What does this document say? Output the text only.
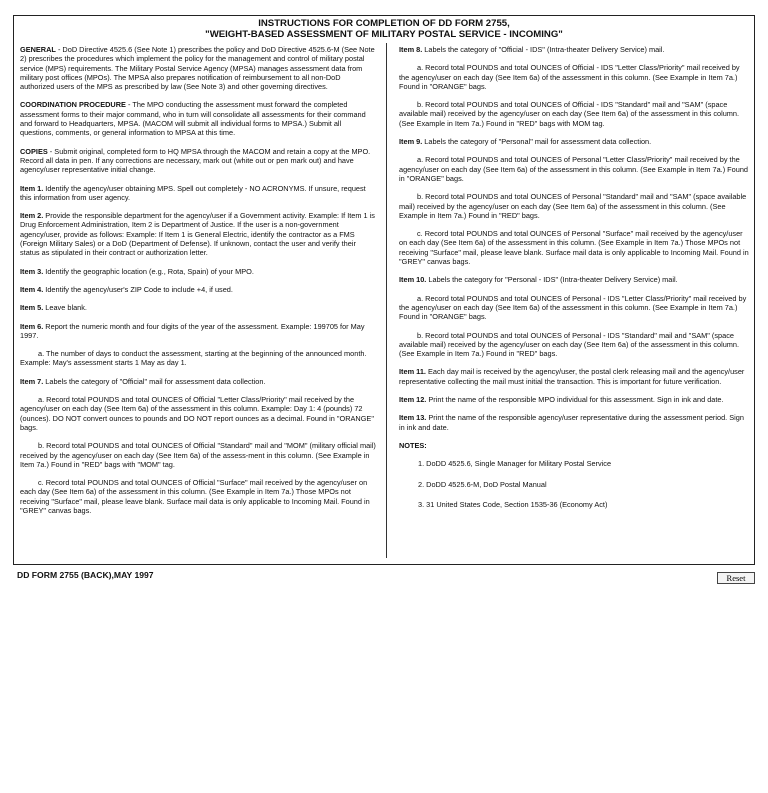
INSTRUCTIONS FOR COMPLETION OF DD FORM 2755,
"WEIGHT-BASED ASSESSMENT OF MILITARY POSTAL SERVICE - INCOMING"

GENERAL - DoD Directive 4525.6 (See Note 1) prescribes the policy and DoD Directive 4525.6-M (See Note 2) prescribes the procedures which implement the policy for the management and control of military postal service (MPS) requirements. The Military Postal Service Agency (MPSA) manages assessment data from military post offices (MPOs). The MPSA also prepares notification of reimbursement to all non-DoD authorized users of the MPS as prescribed by law (See Note 3) and other governing directives.

COORDINATION PROCEDURE - The MPO conducting the assessment must forward the completed assessment forms to their major command, who in turn will consolidate all assessments for their command and forward to Headquarters, MPSA. (MACOM will submit all individual forms to MPSA.) Submit all questions, comments, or general information to MPSA at this time.

COPIES - Submit original, completed form to HQ MPSA through the MACOM and retain a copy at the MPO. Record all data in pen. If any corrections are necessary, mark out (white out or pen mark out) and have agency/user representative initial change.

Item 1. Identify the agency/user obtaining MPS. Spell out completely - NO ACRONYMS. If unsure, request this information from user agency.

Item 2. Provide the responsible department for the agency/user if a Government activity. Example: If Item 1 is Drug Enforcement Administration, Item 2 is Department of Justice. If the user is a non-government agency/user, provide as follows: Example: If Item 1 is General Electric, identify the contractor as a FMS (Foreign Military Sales) or a DoD (Department of Defense). If unknown, contact the user and verify their status as stipulated in their contract or authorization letter.

Item 3. Identify the geographic location (e.g., Rota, Spain) of your MPO.

Item 4. Identify the agency/user's ZIP Code to include +4, if used.

Item 5. Leave blank.

Item 6. Report the numeric month and four digits of the year of the assessment. Example: 199705 for May 1997.

a. The number of days to conduct the assessment, starting at the beginning of the announced month. Example: May's assessment starts 1 May as day 1.

Item 7. Labels the category of "Official" mail for assessment data collection.

a. Record total POUNDS and total OUNCES of Official "Letter Class/Priority" mail received by the agency/user on each day (See Item 6a) of the assessment in this column. Example: Day 1: 4 (pounds) 72 (ounces). DO NOT convert ounces to pounds and DO NOT report ounces as a decimal. Found in "ORANGE" bags.

b. Record total POUNDS and total OUNCES of Official "Standard" mail and "MOM" (military official mail) received by the agency/user on each day (See Item 6a) of the assess-ment in this column. (See Example in Item 7a.) Found in "RED" bags with "MOM" tag.

c. Record total POUNDS and total OUNCES of Official "Surface" mail received by the agency/user on each day (See Item 6a) of the assessment in this column. (See Example in Item 7a.) Those MPOs not receiving "Surface" mail, please leave blank. Surface mail data is only applicable to Incoming Mail. Found in "GREY" canvas bags.

Item 8. Labels the category of "Official - IDS" (Intra-theater Delivery Service) mail.

a. Record total POUNDS and total OUNCES of Official - IDS "Letter Class/Priority" mail received by the agency/user on each day (See Item 6a) of the assessment in this column. (See Example in Item 7a.) Found in "ORANGE" bags.

b. Record total POUNDS and total OUNCES of Official - IDS "Standard" mail and "SAM" (space available mail) received by the agency/user on each day (See Item 6a) of the assessment in this column. (See Example in Item 7a.) Found in "RED" bags with MOM tag.

Item 9. Labels the category of "Personal" mail for assessment data collection.

a. Record total POUNDS and total OUNCES of Personal "Letter Class/Priority" mail received by the agency/user on each day (See Item 6a) of the assessment in this column. (See Example in Item 7a.) Found in "ORANGE" bags.

b. Record total POUNDS and total OUNCES of Personal "Standard" mail and "SAM" (space available mail) received by the agency/user on each day (See Item 6a) of the assessment in this column. (See Example in Item 7a.) Found in "RED" bags.

c. Record total POUNDS and total OUNCES of Personal "Surface" mail received by the agency/user on each day (See Item 6a) of the assessment in this column. (See Example in Item 7a.) Those MPOs not receiving "Surface" mail, please leave blank. Surface mail data is only applicable to Incoming Mail. Found in "GREY" canvas bags.

Item 10. Labels the category for "Personal - IDS" (Intra-theater Delivery Service) mail.

a. Record total POUNDS and total OUNCES of Personal - IDS "Letter Class/Priority" mail received by the agency/user on each day (See Item 6a) of the assessment in this column. (See Example in Item 7a.) Found in "ORANGE" bags.

b. Record total POUNDS and total OUNCES of Personal - IDS "Standard" mail and "SAM" (space available mail) received by the agency/user on each day (See Item 6a) of the assessment in this column. (See Example in Item 7a.) Found in "RED" bags.

Item 11. Each day mail is received by the agency/user, the postal clerk releasing mail and the agency/user representative collecting the mail must initial the transaction. This is important for future verification.

Item 12. Print the name of the responsible MPO individual for this assessment. Sign in ink and date.

Item 13. Print the name of the responsible agency/user representative during the assessment period. Sign in ink and date.

NOTES:

1. DoDD 4525.6, Single Manager for Military Postal Service

2. DoDD 4525.6-M, DoD Postal Manual

3. 31 United States Code, Section 1535-36 (Economy Act)

DD FORM 2755 (BACK),MAY 1997	Reset
